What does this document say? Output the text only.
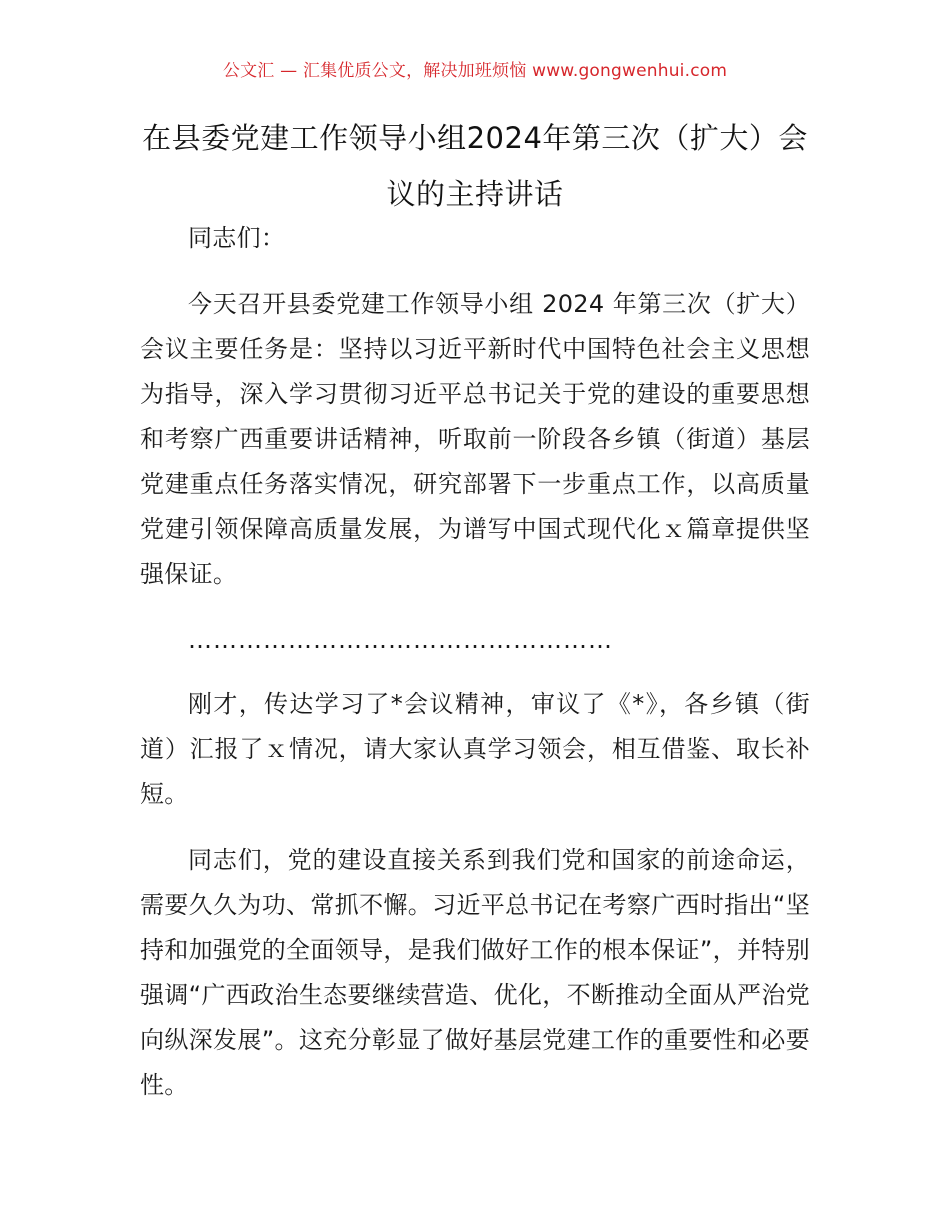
公文汇 — 汇集优质公文，解决加班烦恼 www.gongwenhui.com
在县委党建工作领导小组2024年第三次（扩大）会议的主持讲话

同志们：

今天召开县委党建工作领导小组 2024 年第三次（扩大）会议主要任务是：坚持以习近平新时代中国特色社会主义思想为指导，深入学习贯彻习近平总书记关于党的建设的重要思想和考察广西重要讲话精神，听取前一阶段各乡镇（街道）基层党建重点任务落实情况，研究部署下一步重点工作，以高质量党建引领保障高质量发展，为谱写中国式现代化ｘ篇章提供坚强保证。

……………………………………………

刚才，传达学习了*会议精神，审议了《*》，各乡镇（街道）汇报了ｘ情况，请大家认真学习领会，相互借鉴、取长补短。

同志们，党的建设直接关系到我们党和国家的前途命运，需要久久为功、常抓不懈。习近平总书记在考察广西时指出“坚持和加强党的全面领导，是我们做好工作的根本保证”，并特别强调“广西政治生态要继续营造、优化，不断推动全面从严治党向纵深发展”。这充分彰显了做好基层党建工作的重要性和必要性。
